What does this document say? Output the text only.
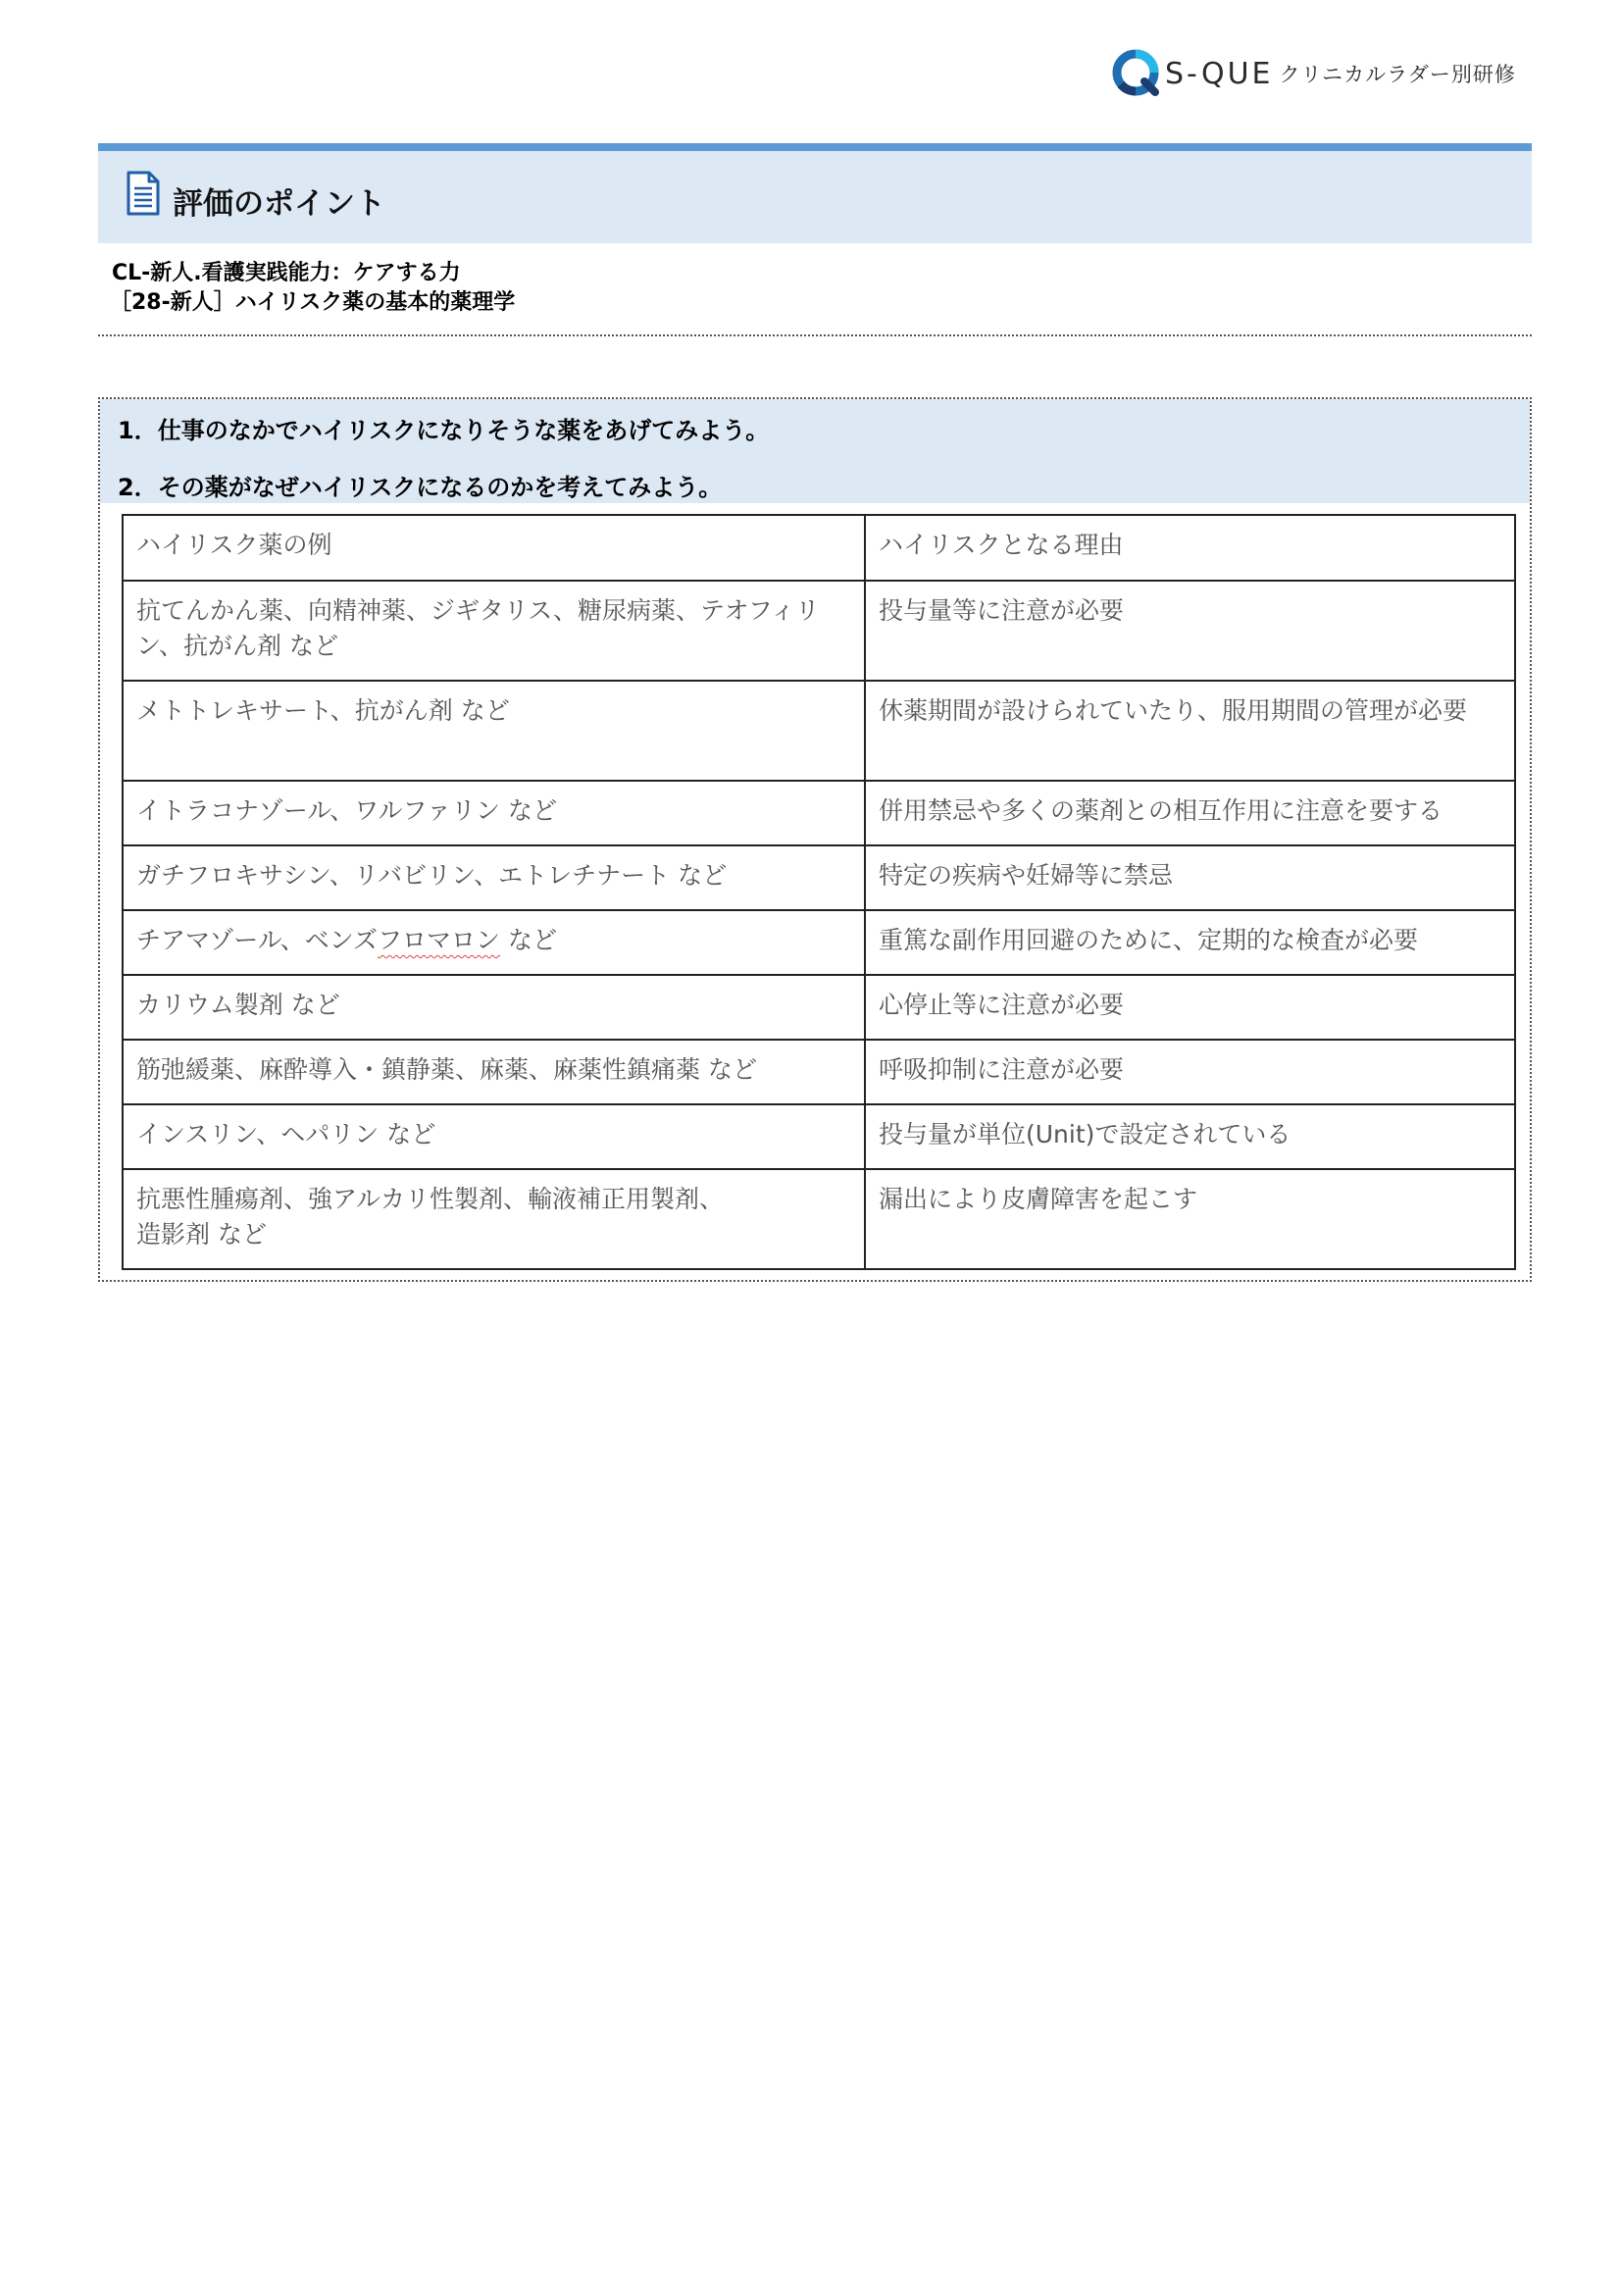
S-QUE クリニカルラダー別研修
評価のポイント
CL-新人.看護実践能力：ケアする力
［28-新人］ハイリスク薬の基本的薬理学
1．仕事のなかでハイリスクになりそうな薬をあげてみよう。
2．その薬がなぜハイリスクになるのかを考えてみよう。
ハイリスク薬の例	ハイリスクとなる理由
抗てんかん薬、向精神薬、ジギタリス、糖尿病薬、テオフィリン、抗がん剤 など	投与量等に注意が必要
メトトレキサート、抗がん剤 など	休薬期間が設けられていたり、服用期間の管理が必要
イトラコナゾール、ワルファリン など	併用禁忌や多くの薬剤との相互作用に注意を要する
ガチフロキサシン、リバビリン、エトレチナート など	特定の疾病や妊婦等に禁忌
チアマゾール、ベンズフロマロン など	重篤な副作用回避のために、定期的な検査が必要
カリウム製剤 など	心停止等に注意が必要
筋弛緩薬、麻酔導入・鎮静薬、麻薬、麻薬性鎮痛薬 など	呼吸抑制に注意が必要
インスリン、ヘパリン など	投与量が単位(Unit)で設定されている

抗悪性腫瘍剤、強アルカリ性製剤、輸液補正用製剤、
造影剤 など	漏出により皮膚障害を起こす
